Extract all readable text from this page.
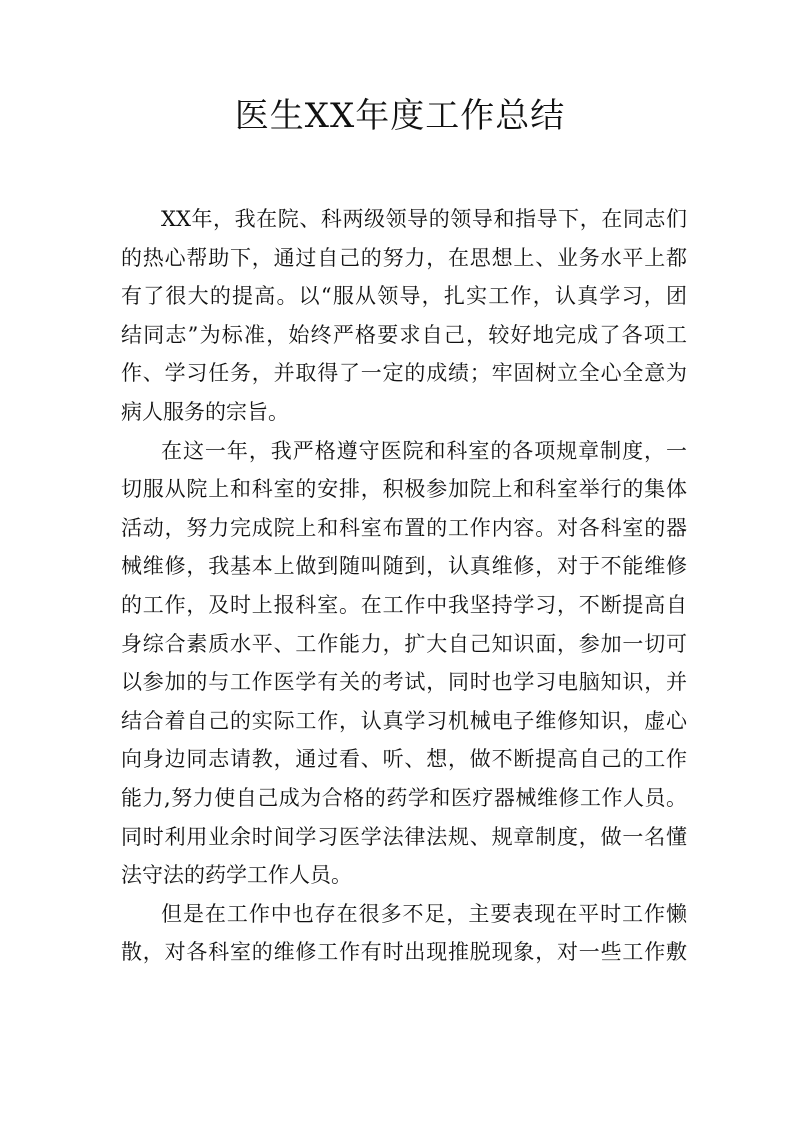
医生XX年度工作总结
XX年，我在院、科两级领导的领导和指导下，在同志们
的热心帮助下，通过自己的努力，在思想上、业务水平上都
有了很大的提高。以“服从领导，扎实工作，认真学习，团
结同志”为标准，始终严格要求自己，较好地完成了各项工
作、学习任务，并取得了一定的成绩；牢固树立全心全意为
病人服务的宗旨。
在这一年，我严格遵守医院和科室的各项规章制度，一
切服从院上和科室的安排，积极参加院上和科室举行的集体
活动，努力完成院上和科室布置的工作内容。对各科室的器
械维修，我基本上做到随叫随到，认真维修，对于不能维修
的工作，及时上报科室。在工作中我坚持学习，不断提高自
身综合素质水平、工作能力，扩大自己知识面，参加一切可
以参加的与工作医学有关的考试，同时也学习电脑知识，并
结合着自己的实际工作，认真学习机械电子维修知识，虚心
向身边同志请教，通过看、听、想，做不断提高自己的工作
能力,努力使自己成为合格的药学和医疗器械维修工作人员。
同时利用业余时间学习医学法律法规、规章制度，做一名懂
法守法的药学工作人员。
但是在工作中也存在很多不足，主要表现在平时工作懒
散，对各科室的维修工作有时出现推脱现象，对一些工作敷
